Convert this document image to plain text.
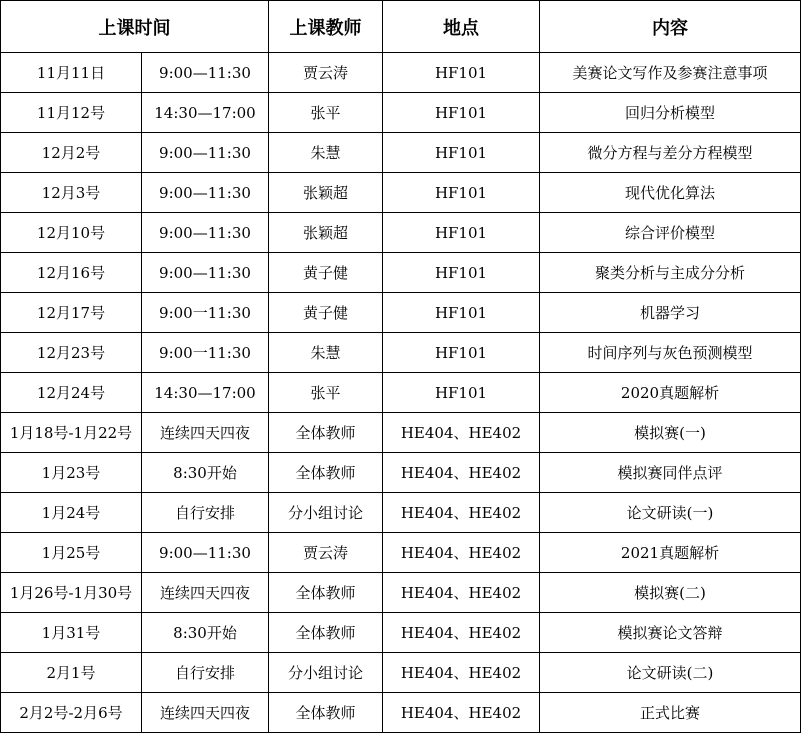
上课时间		上课教师	地点	内容
11月11日	9:00—11:30	贾云涛	HF101	美赛论文写作及参赛注意事项
11月12号	14:30—17:00	张平	HF101	回归分析模型
12月2号	9:00—11:30	朱慧	HF101	微分方程与差分方程模型
12月3号	9:00—11:30	张颖超	HF101	现代优化算法
12月10号	9:00—11:30	张颖超	HF101	综合评价模型
12月16号	9:00—11:30	黄子健	HF101	聚类分析与主成分分析
12月17号	9:00一11:30	黄子健	HF101	机器学习
12月23号	9:00一11:30	朱慧	HF101	时间序列与灰色预测模型
12月24号	14:30—17:00	张平	HF101	2020真题解析
1月18号-1月22号	连续四天四夜	全体教师	HE404、HE402	模拟赛(一)
1月23号	8:30开始	全体教师	HE404、HE402	模拟赛同伴点评
1月24号	自行安排	分小组讨论	HE404、HE402	论文研读(一)
1月25号	9:00—11:30	贾云涛	HE404、HE402	2021真题解析
1月26号-1月30号	连续四天四夜	全体教师	HE404、HE402	模拟赛(二)
1月31号	8:30开始	全体教师	HE404、HE402	模拟赛论文答辩
2月1号	自行安排	分小组讨论	HE404、HE402	论文研读(二)
2月2号-2月6号	连续四天四夜	全体教师	HE404、HE402	正式比赛
